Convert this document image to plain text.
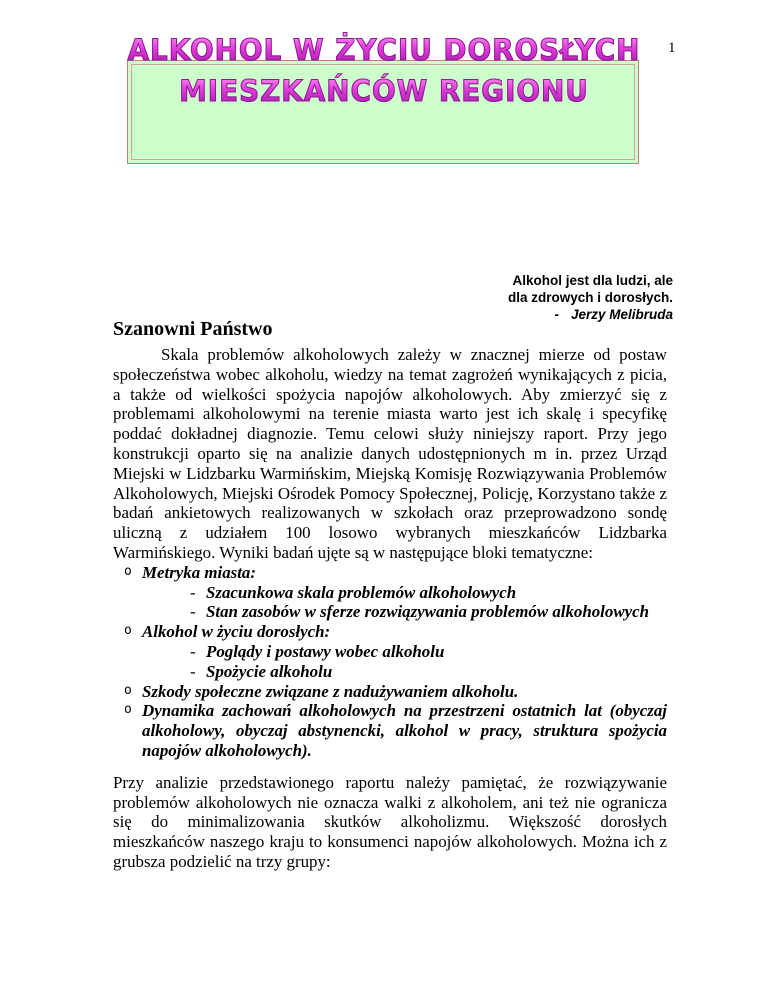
ALKOHOL W ŻYCIU DOROSŁYCH
MIESZKAŃCÓW REGIONU
Alkohol jest dla ludzi, ale
dla zdrowych i dorosłych.
- Jerzy Melibruda
Szanowni Państwo

Skala problemów alkoholowych zależy w znacznej mierze od postaw społeczeństwa wobec alkoholu, wiedzy na temat zagrożeń wynikających z picia, a także od wielkości spożycia napojów alkoholowych. Aby zmierzyć się z problemami alkoholowymi na terenie miasta warto jest ich skalę i specyfikę poddać dokładnej diagnozie. Temu celowi służy niniejszy raport. Przy jego konstrukcji oparto się na analizie danych udostępnionych m in. przez Urząd Miejski w Lidzbarku Warmińskim, Miejską Komisję Rozwiązywania Problemów Alkoholowych, Miejski Ośrodek Pomocy Społecznej, Policję, Korzystano także z badań ankietowych realizowanych w szkołach oraz przeprowadzono sondę uliczną z udziałem 100 losowo wybranych mieszkańców Lidzbarka Warmińskiego. Wyniki badań ujęte są w następujące bloki tematyczne:

o Metryka miasta:
- Szacunkowa skala problemów alkoholowych
- Stan zasobów w sferze rozwiązywania problemów alkoholowych
o Alkohol w życiu dorosłych:
- Poglądy i postawy wobec alkoholu
- Spożycie alkoholu
o Szkody społeczne związane z nadużywaniem alkoholu.
o Dynamika zachowań alkoholowych na przestrzeni ostatnich lat (obyczaj alkoholowy, obyczaj abstynencki, alkohol w pracy, struktura spożycia napojów alkoholowych).

Przy analizie przedstawionego raportu należy pamiętać, że rozwiązywanie problemów alkoholowych nie oznacza walki z alkoholem, ani też nie ogranicza się do minimalizowania skutków alkoholizmu. Większość dorosłych mieszkańców naszego kraju to konsumenci napojów alkoholowych. Można ich z grubsza podzielić na trzy grupy:
